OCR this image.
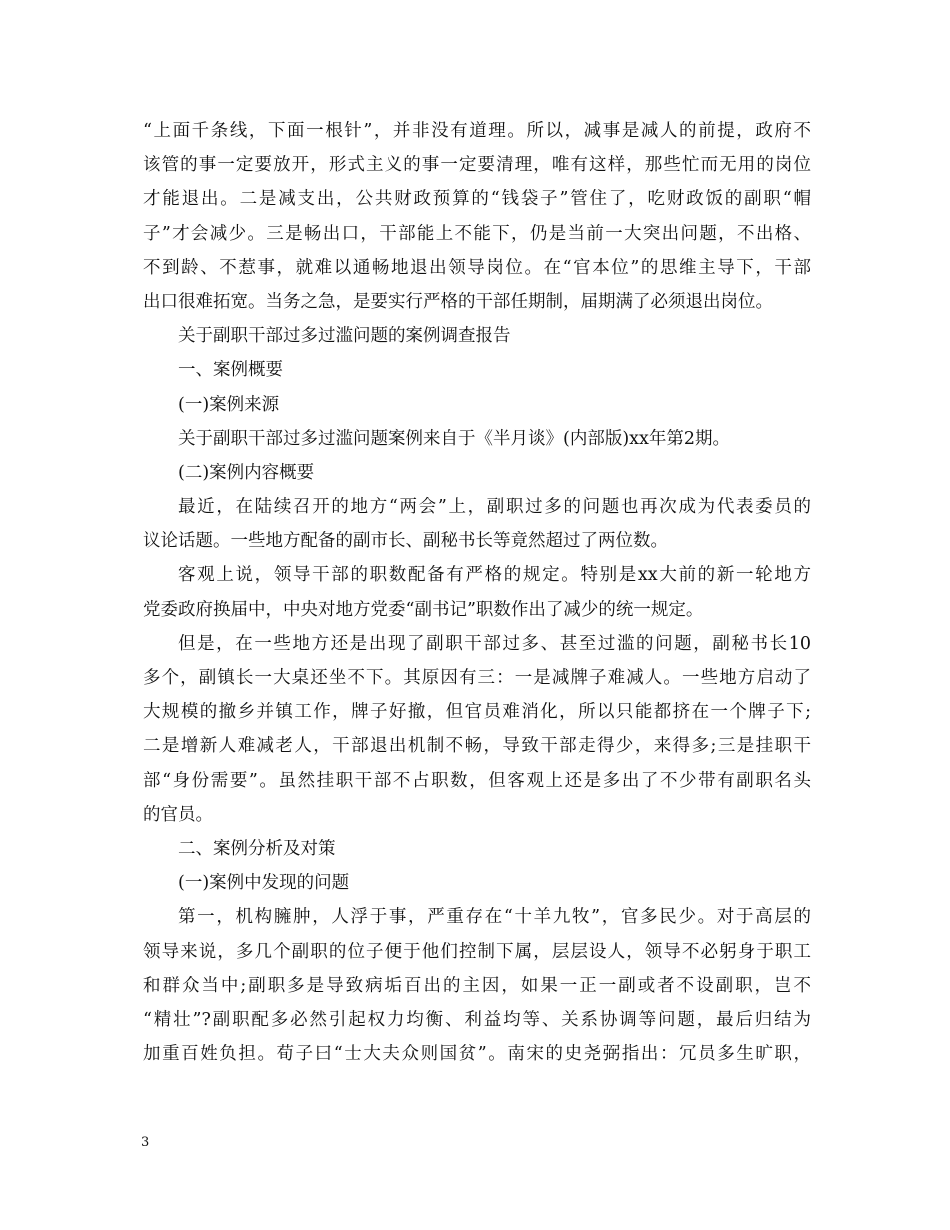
“上面千条线，下面一根针”，并非没有道理。所以，减事是减人的前提，政府不
该管的事一定要放开，形式主义的事一定要清理，唯有这样，那些忙而无用的岗位
才能退出。二是减支出，公共财政预算的“钱袋子”管住了，吃财政饭的副职“帽
子”才会减少。三是畅出口，干部能上不能下，仍是当前一大突出问题，不出格、
不到龄、不惹事，就难以通畅地退出领导岗位。在“官本位”的思维主导下，干部
出口很难拓宽。当务之急，是要实行严格的干部任期制，届期满了必须退出岗位。
关于副职干部过多过滥问题的案例调查报告
一、案例概要
(一)案例来源
关于副职干部过多过滥问题案例来自于《半月谈》(内部版)xx年第2期。
(二)案例内容概要
最近，在陆续召开的地方“两会”上，副职过多的问题也再次成为代表委员的
议论话题。一些地方配备的副市长、副秘书长等竟然超过了两位数。
客观上说，领导干部的职数配备有严格的规定。特别是xx大前的新一轮地方
党委政府换届中，中央对地方党委“副书记”职数作出了减少的统一规定。
但是，在一些地方还是出现了副职干部过多、甚至过滥的问题，副秘书长10
多个，副镇长一大桌还坐不下。其原因有三：一是减牌子难减人。一些地方启动了
大规模的撤乡并镇工作，牌子好撤，但官员难消化，所以只能都挤在一个牌子下;
二是增新人难减老人，干部退出机制不畅，导致干部走得少，来得多;三是挂职干
部“身份需要”。虽然挂职干部不占职数，但客观上还是多出了不少带有副职名头
的官员。
二、案例分析及对策
(一)案例中发现的问题
第一，机构臃肿，人浮于事，严重存在“十羊九牧”，官多民少。对于高层的
领导来说，多几个副职的位子便于他们控制下属，层层设人，领导不必躬身于职工
和群众当中;副职多是导致病垢百出的主因，如果一正一副或者不设副职，岂不
“精壮”?副职配多必然引起权力均衡、利益均等、关系协调等问题，最后归结为
加重百姓负担。荀子曰“士大夫众则国贫”。南宋的史尧弼指出：冗员多生旷职，
3
